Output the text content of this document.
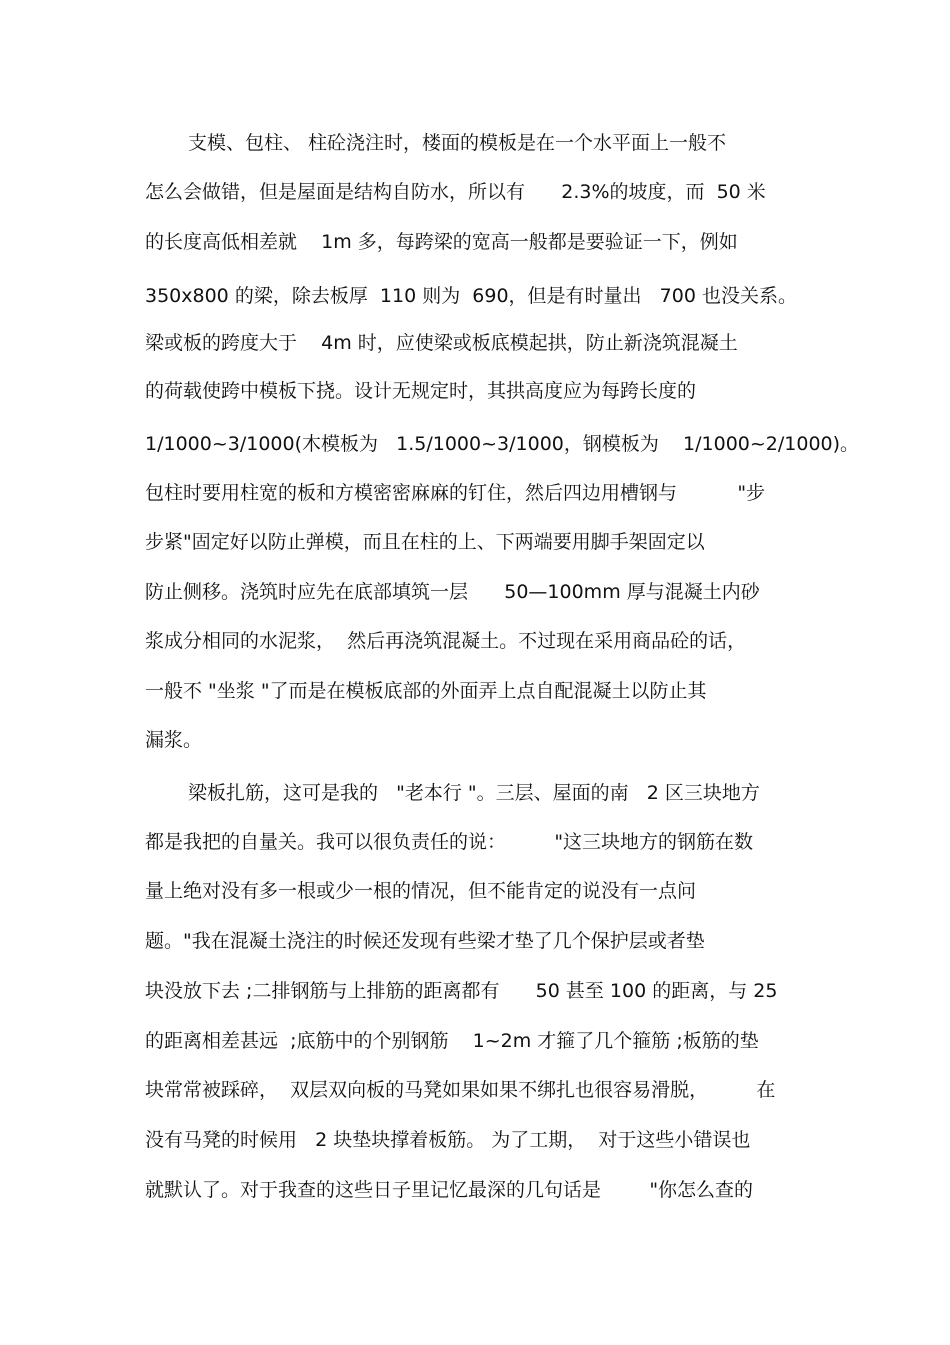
支模、包柱、 柱砼浇注时，楼面的模板是在一个水平面上一般不
怎么会做错，但是屋面是结构自防水，所以有      2.3%的坡度，而  50 米
的长度高低相差就    1m 多，每跨梁的宽高一般都是要验证一下，例如
350x800 的梁，除去板厚  110 则为  690，但是有时量出   700 也没关系。
梁或板的跨度大于    4m 时，应使梁或板底模起拱，防止新浇筑混凝土
的荷载使跨中模板下挠。设计无规定时，其拱高度应为每跨长度的
1/1000~3/1000(木模板为   1.5/1000~3/1000，钢模板为    1/1000~2/1000)。
包柱时要用柱宽的板和方模密密麻麻的钉住，然后四边用槽钢与          "步
步紧"固定好以防止弹模，而且在柱的上、下两端要用脚手架固定以
防止侧移。浇筑时应先在底部填筑一层      50—100mm 厚与混凝土内砂
浆成分相同的水泥浆，  然后再浇筑混凝土。不过现在采用商品砼的话，
一般不 "坐浆 "了而是在模板底部的外面弄上点自配混凝土以防止其
漏浆。
梁板扎筋，这可是我的   "老本行 "。三层、屋面的南   2 区三块地方
都是我把的自量关。我可以很负责任的说：        "这三块地方的钢筋在数
量上绝对没有多一根或少一根的情况，但不能肯定的说没有一点问
题。"我在混凝土浇注的时候还发现有些梁才垫了几个保护层或者垫
块没放下去 ;二排钢筋与上排筋的距离都有      50 甚至 100 的距离，与 25
的距离相差甚远  ;底筋中的个别钢筋    1~2m 才箍了几个箍筋 ;板筋的垫
块常常被踩碎，  双层双向板的马凳如果如果不绑扎也很容易滑脱，        在
没有马凳的时候用   2 块垫块撑着板筋。 为了工期，  对于这些小错误也
就默认了。对于我查的这些日子里记忆最深的几句话是        "你怎么查的
